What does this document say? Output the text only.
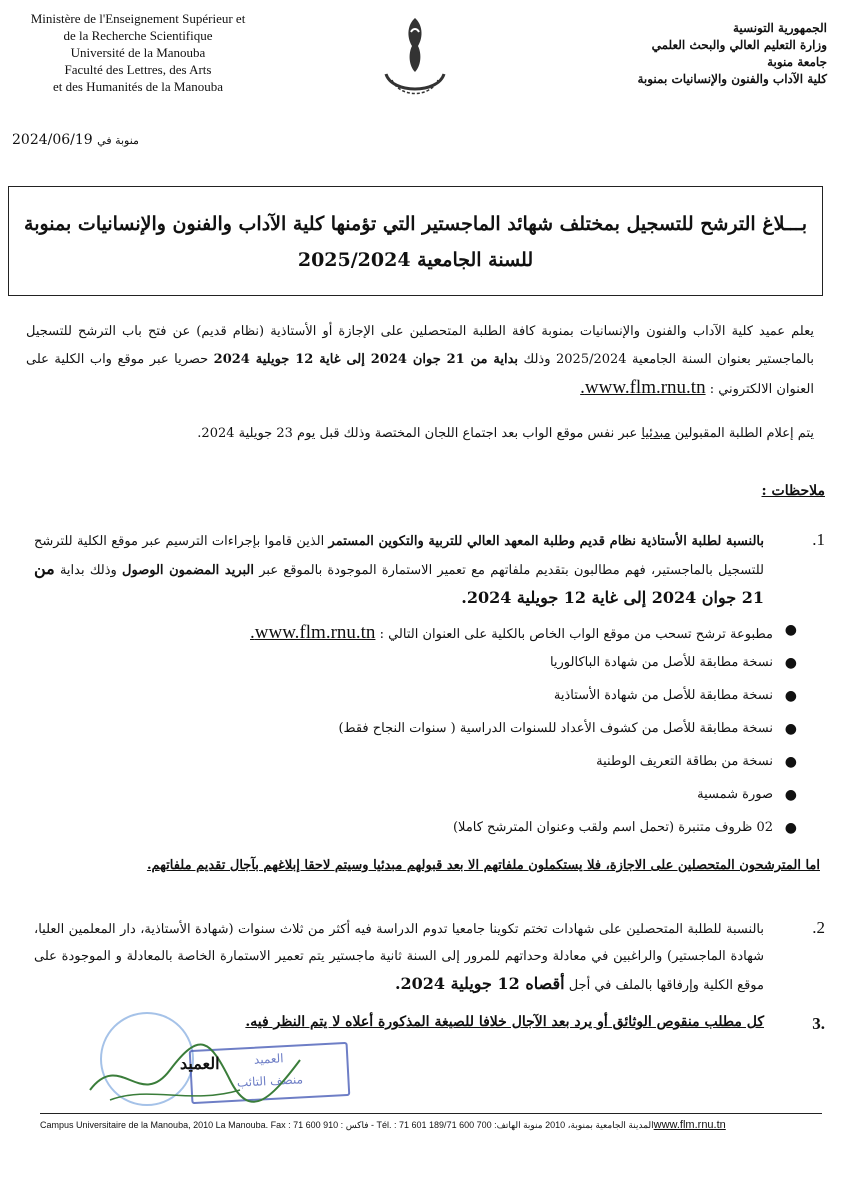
Ministère de l'Enseignement Supérieur et
de la Recherche Scientifique
Université de la Manouba
Faculté des Lettres, des Arts
et des Humanités de la Manouba
الجمهورية التونسية
وزارة التعليم العالي والبحث العلمي
جامعة منوبة
كلية الآداب والفنون والإنسانيات بمنوبة
2024/06/19 منوبة في
بـــلاغ الترشح للتسجيل بمختلف شهائد الماجستير التي تؤمنها كلية الآداب والفنون والإنسانيات بمنوبة
للسنة الجامعية 2025/2024
يعلم عميد كلية الآداب والفنون والإنسانيات بمنوبة كافة الطلبة المتحصلين على الإجازة أو الأستاذية (نظام قديم) عن فتح باب الترشح للتسجيل بالماجستير بعنوان السنة الجامعية 2025/2024 وذلك بداية من 21 جوان 2024 إلى غاية 12 جويلية 2024 حصريا عبر موقع واب الكلية على العنوان الالكتروني : www.flm.rnu.tn.
يتم إعلام الطلبة المقبولين مبدئيا عبر نفس موقع الواب بعد اجتماع اللجان المختصة وذلك قبل يوم 23 جويلية 2024.
ملاحظات :
.1
بالنسبة لطلبة الأستاذية نظام قديم وطلبة المعهد العالي للتربية والتكوين المستمر الذين قاموا بإجراءات الترسيم عبر موقع الكلية للترشح للتسجيل بالماجستير، فهم مطالبون بتقديم ملفاتهم مع تعمير الاستمارة الموجودة بالموقع عبر البريد المضمون الوصول وذلك بداية من 21 جوان 2024 إلى غاية 12 جويلية 2024.
●
مطبوعة ترشح تسحب من موقع الواب الخاص بالكلية على العنوان التالي : www.flm.rnu.tn.
●
نسخة مطابقة للأصل من شهادة الباكالوريا
●
نسخة مطابقة للأصل من شهادة الأستاذية
●
نسخة مطابقة للأصل من كشوف الأعداد للسنوات الدراسية ( سنوات النجاح فقط)
●
نسخة من بطاقة التعريف الوطنية
●
صورة شمسية
●
02 ظروف متنبرة (تحمل اسم ولقب وعنوان المترشح كاملا)
اما المترشحون المتحصلين على الاجازة، فلا يستكملون ملفاتهم الا بعد قبولهم مبدئيا وسيتم لاحقا إبلاغهم بآجال تقديم ملفاتهم.
.2
بالنسبة للطلبة المتحصلين على شهادات تختم تكوينا جامعيا تدوم الدراسة فيه أكثر من ثلاث سنوات (شهادة الأستاذية، دار المعلمين العليا، شهادة الماجستير) والراغبين في معادلة وحداتهم للمرور إلى السنة ثانية ماجستير يتم تعمير الاستمارة الخاصة بالمعادلة و الموجودة على موقع الكلية وإرفاقها بالملف في أجل أقصاه 12 جويلية 2024.
3.
كل مطلب منقوص الوثائق أو يرد بعد الآجال خلافا للصيغة المذكورة أعلاه لا يتم النظر فيه.
العميد
منصف التائب
العميد
Campus Universitaire de la Manouba, 2010 La Manouba. Fax : 71 600 910 : فاكس - Tél. : 71 601 189/71 600 700 :المدينة الجامعية بمنوبة، 2010 منوبة الهاتفwww.flm.rnu.tn
